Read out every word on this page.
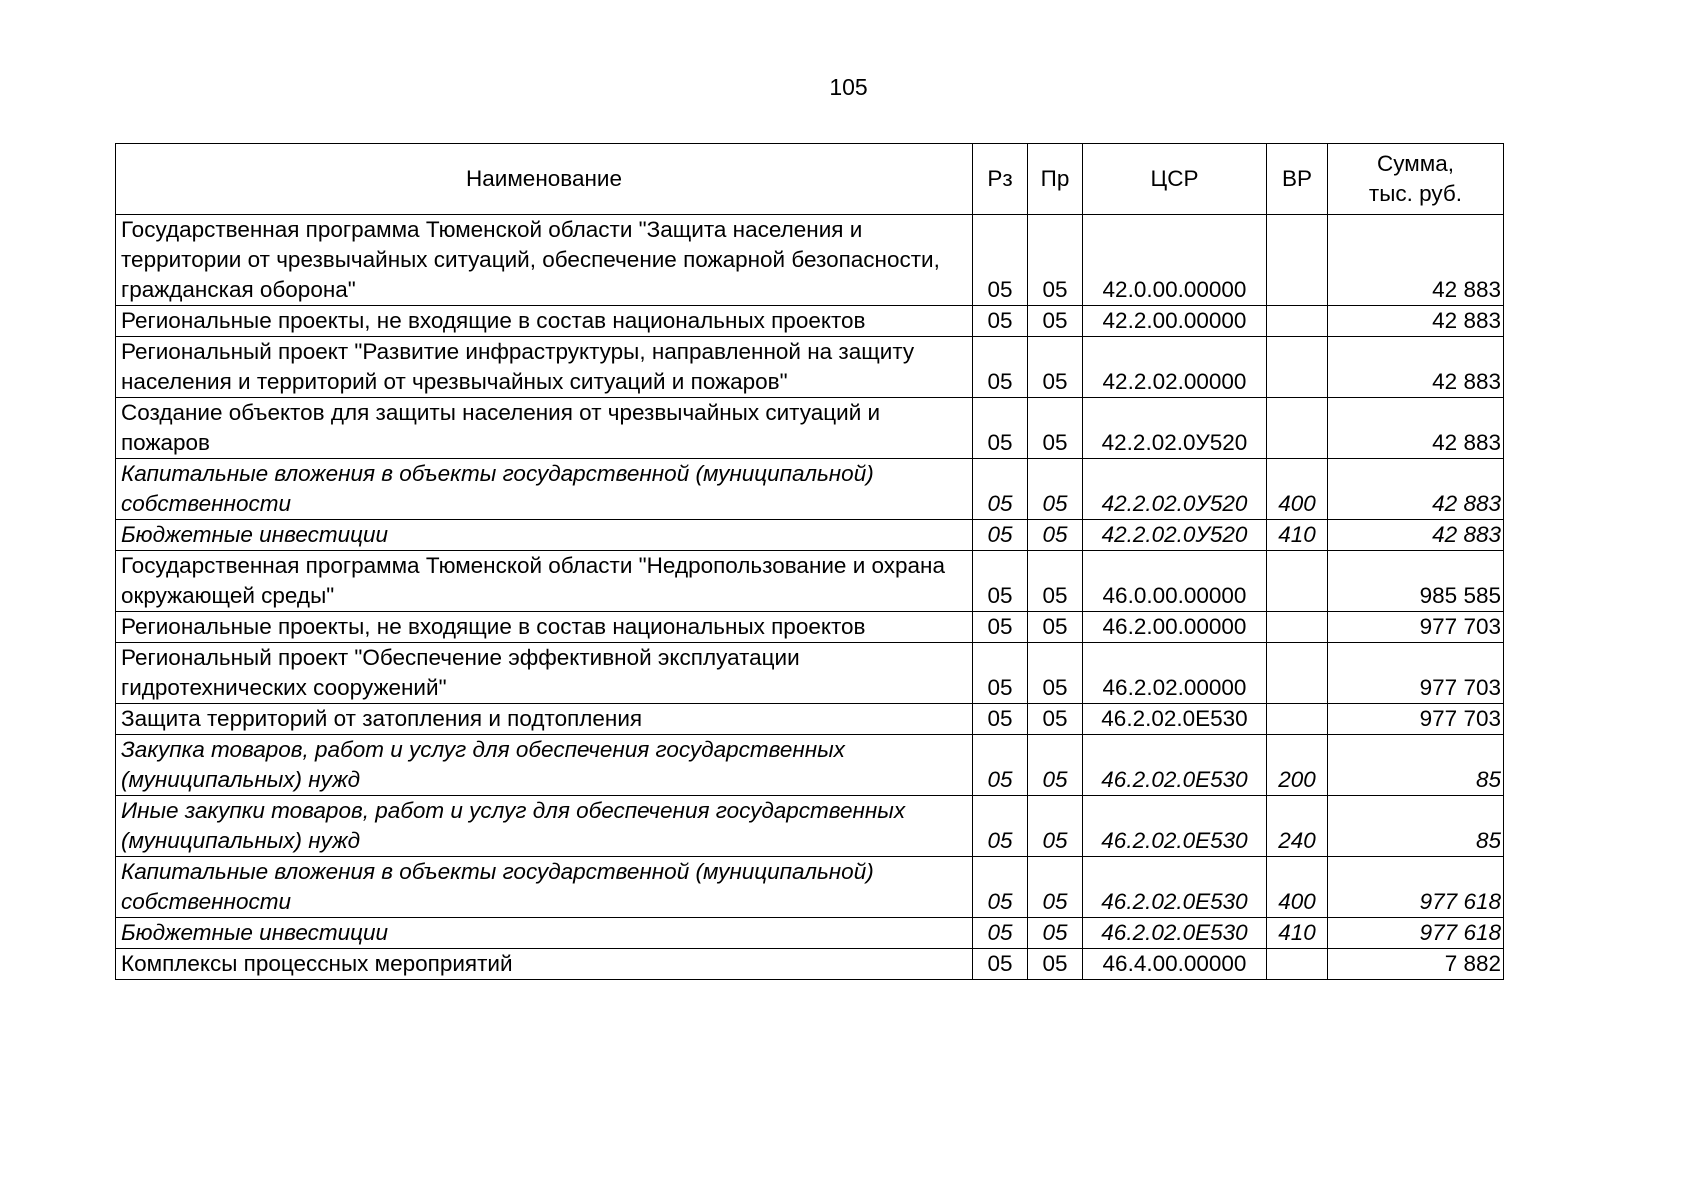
105
Наименование	Рз	Пр	ЦСР	ВР	Сумма,
тыс. руб.
Государственная программа Тюменской области "Защита населения и территории от чрезвычайных ситуаций, обеспечение пожарной безопасности, гражданская оборона"	05	05	42.0.00.00000		42 883
Региональные проекты, не входящие в состав национальных проектов	05	05	42.2.00.00000		42 883
Региональный проект "Развитие инфраструктуры, направленной на защиту населения и территорий от чрезвычайных ситуаций и пожаров"	05	05	42.2.02.00000		42 883
Создание объектов для защиты населения от чрезвычайных ситуаций и пожаров	05	05	42.2.02.0У520		42 883
Капитальные вложения в объекты государственной (муниципальной) собственности	05	05	42.2.02.0У520	400	42 883
Бюджетные инвестиции	05	05	42.2.02.0У520	410	42 883
Государственная программа Тюменской области "Недропользование и охрана окружающей среды"	05	05	46.0.00.00000		985 585
Региональные проекты, не входящие в состав национальных проектов	05	05	46.2.00.00000		977 703
Региональный проект "Обеспечение эффективной эксплуатации гидротехнических сооружений"	05	05	46.2.02.00000		977 703
Защита территорий от затопления и подтопления	05	05	46.2.02.0Е530		977 703
Закупка товаров, работ и услуг для обеспечения государственных (муниципальных) нужд	05	05	46.2.02.0Е530	200	85
Иные закупки товаров, работ и услуг для обеспечения государственных (муниципальных) нужд	05	05	46.2.02.0Е530	240	85
Капитальные вложения в объекты государственной (муниципальной) собственности	05	05	46.2.02.0Е530	400	977 618
Бюджетные инвестиции	05	05	46.2.02.0Е530	410	977 618
Комплексы процессных мероприятий	05	05	46.4.00.00000		7 882
